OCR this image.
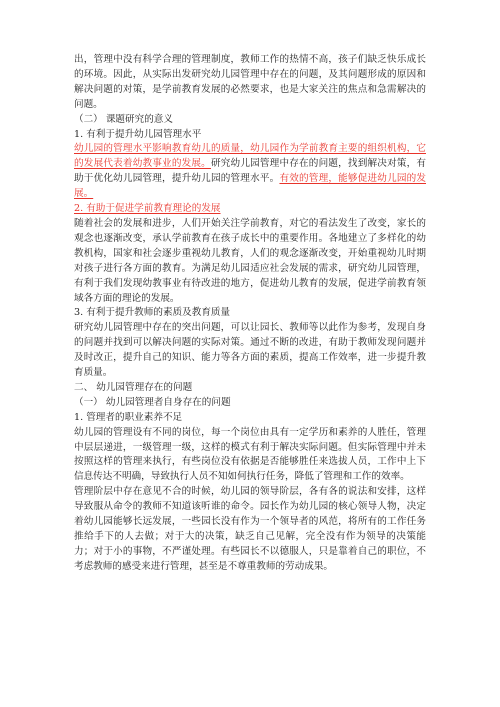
出，管理中没有科学合理的管理制度，教师工作的热情不高，孩子们缺乏快乐成长的环境。因此，从实际出发研究幼儿园管理中存在的问题，及其问题形成的原因和解决问题的对策，是学前教育发展的必然要求，也是大家关注的焦点和急需解决的问题。

（二） 课题研究的意义

1. 有利于提升幼儿园管理水平

幼儿园的管理水平影响教育幼儿的质量，幼儿园作为学前教育主要的组织机构，它的发展代表着幼教事业的发展。研究幼儿园管理中存在的问题，找到解决对策，有助于优化幼儿园管理，提升幼儿园的管理水平。有效的管理，能够促进幼儿园的发展。

2. 有助于促进学前教育理论的发展

随着社会的发展和进步，人们开始关注学前教育，对它的看法发生了改变，家长的观念也逐渐改变，承认学前教育在孩子成长中的重要作用。各地建立了多样化的幼教机构，国家和社会逐步重视幼儿教育，人们的观念逐渐改变，开始重视幼儿时期对孩子进行各方面的教育。为满足幼儿园适应社会发展的需求，研究幼儿园管理，有利于我们发现幼教事业有待改进的地方，促进幼儿教育的发展，促进学前教育领域各方面的理论的发展。

3. 有利于提升教师的素质及教育质量

研究幼儿园管理中存在的突出问题，可以让园长、教师等以此作为参考，发现自身的问题并找到可以解决问题的实际对策。通过不断的改进，有助于教师发现问题并及时改正，提升自己的知识、能力等各方面的素质，提高工作效率，进一步提升教育质量。

二、 幼儿园管理存在的问题

（一） 幼儿园管理者自身存在的问题

1. 管理者的职业素养不足

幼儿园的管理设有不同的岗位，每一个岗位由具有一定学历和素养的人胜任，管理中层层递进，一级管理一级，这样的模式有利于解决实际问题。但实际管理中并未按照这样的管理来执行，有些岗位没有依据是否能够胜任来选拔人员，工作中上下信息传达不明确，导致执行人员不知如何执行任务，降低了管理和工作的效率。

管理阶层中存在意见不合的时候，幼儿园的领导阶层，各有各的说法和安排，这样导致服从命令的教师不知道该听谁的命令。园长作为幼儿园的核心领导人物，决定着幼儿园能够长远发展，一些园长没有作为一个领导者的风范，将所有的工作任务推给手下的人去做；对于大的决策，缺乏自己见解，完全没有作为领导的决策能力；对于小的事物，不严谨处理。有些园长不以德服人，只是靠着自己的职位，不考虑教师的感受来进行管理，甚至是不尊重教师的劳动成果。
